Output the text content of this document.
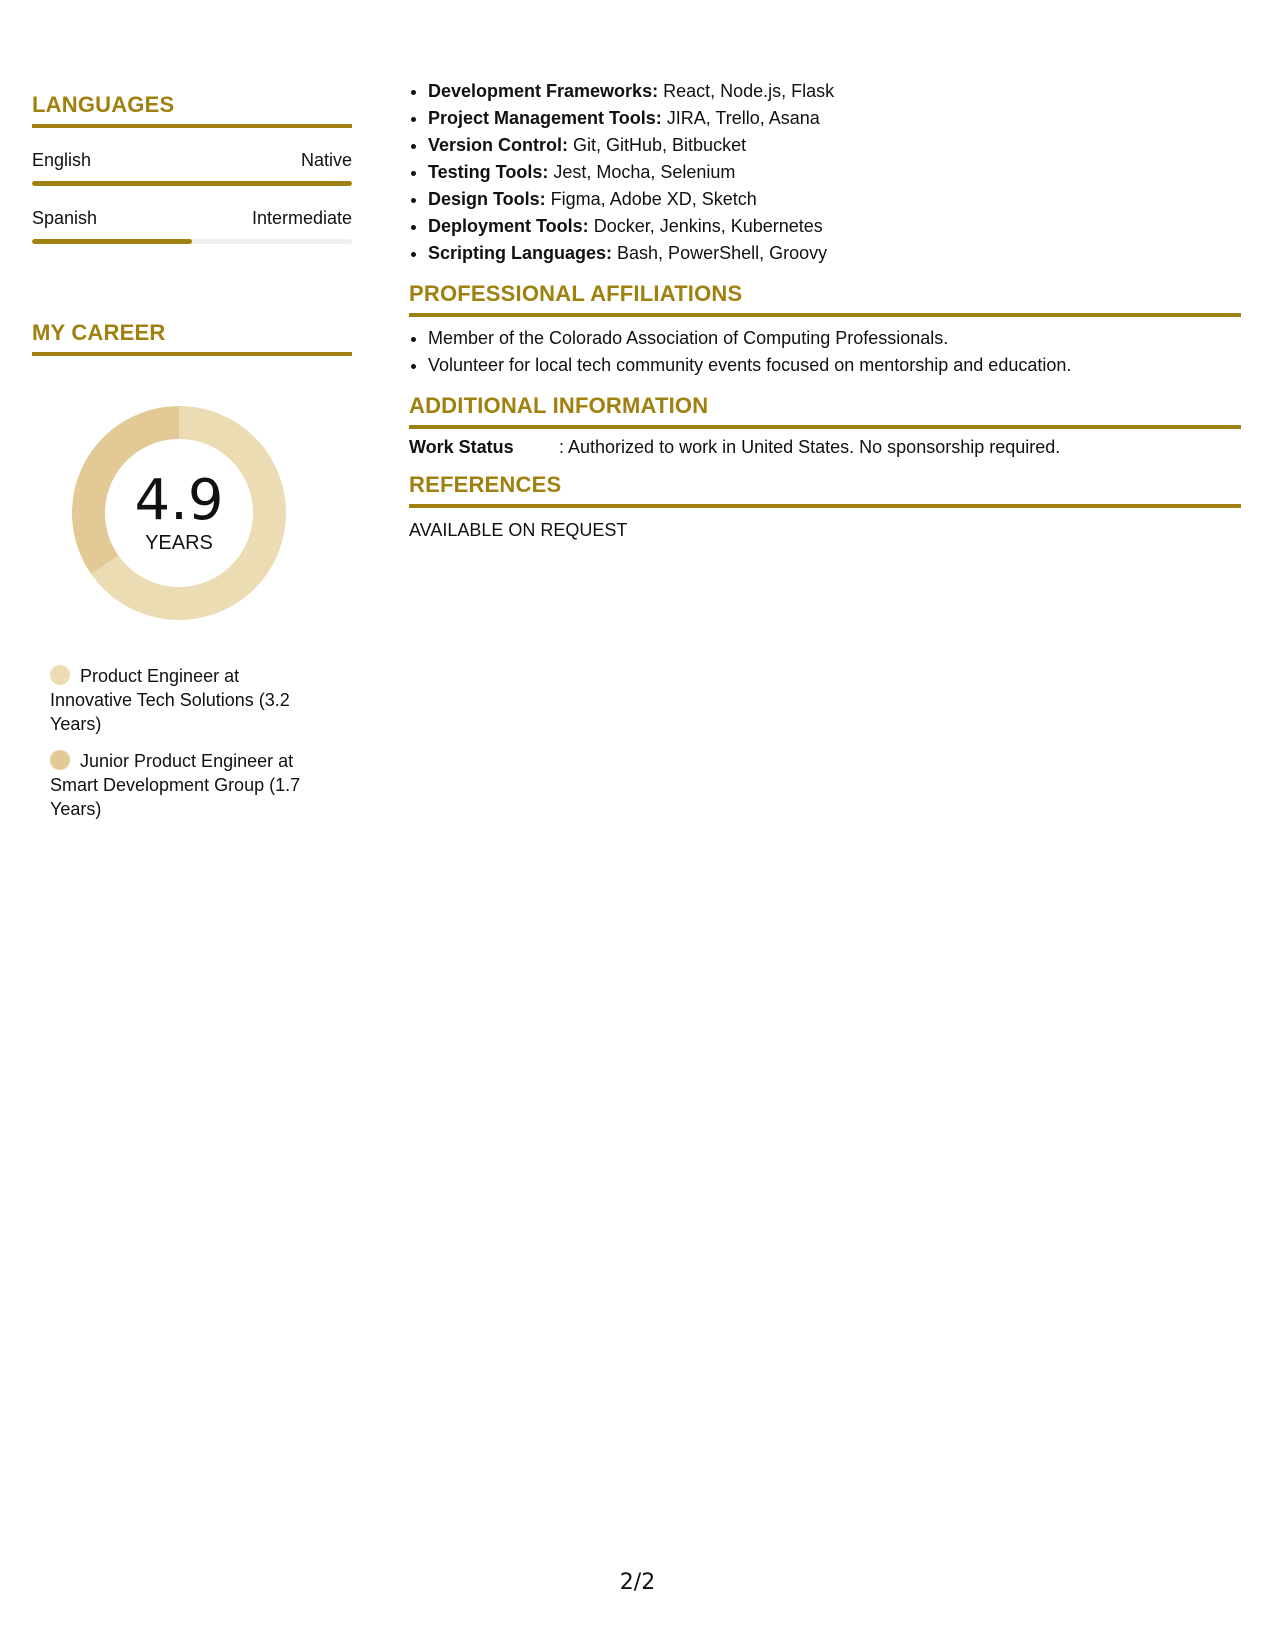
LANGUAGES
English	Native
Spanish	Intermediate
MY CAREER
4.9
YEARS
Product Engineer at Innovative Tech Solutions (3.2 Years)
Junior Product Engineer at Smart Development Group (1.7 Years)
• Development Frameworks: React, Node.js, Flask
• Project Management Tools: JIRA, Trello, Asana
• Version Control: Git, GitHub, Bitbucket
• Testing Tools: Jest, Mocha, Selenium
• Design Tools: Figma, Adobe XD, Sketch
• Deployment Tools: Docker, Jenkins, Kubernetes
• Scripting Languages: Bash, PowerShell, Groovy
PROFESSIONAL AFFILIATIONS
• Member of the Colorado Association of Computing Professionals.
• Volunteer for local tech community events focused on mentorship and education.
ADDITIONAL INFORMATION
Work Status	: Authorized to work in United States. No sponsorship required.
REFERENCES
AVAILABLE ON REQUEST
2/2
